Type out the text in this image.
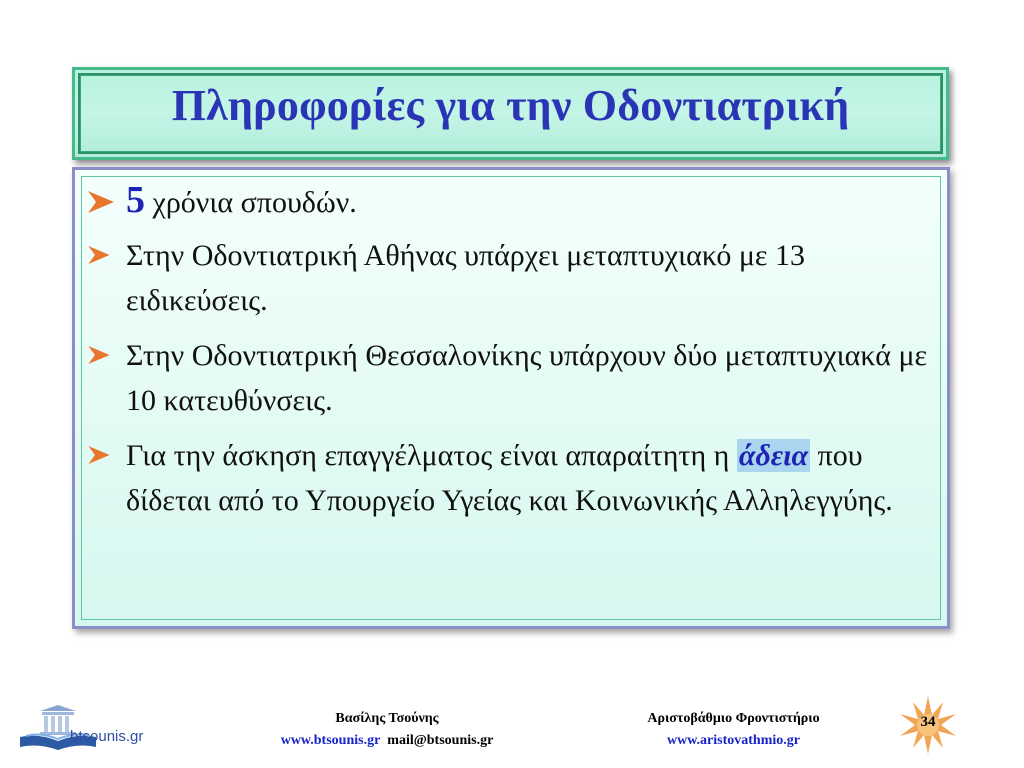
Πληροφορίες για την Οδοντιατρική
5 χρόνια σπουδών.
Στην Οδοντιατρική Αθήνας υπάρχει μεταπτυχιακό με 13 ειδικεύσεις.
Στην Οδοντιατρική Θεσσαλονίκης υπάρχουν δύο μεταπτυχιακά με 10 κατευθύνσεις.
Για την άσκηση επαγγέλματος είναι απαραίτητη η άδεια που δίδεται από το Υπουργείο Υγείας και Κοινωνικής Αλληλεγγύης.
btsounis.gr
Βασίλης Τσούνης
www.btsounis.gr mail@btsounis.gr
Αριστοβάθμιο Φροντιστήριο
www.aristovathmio.gr
34
